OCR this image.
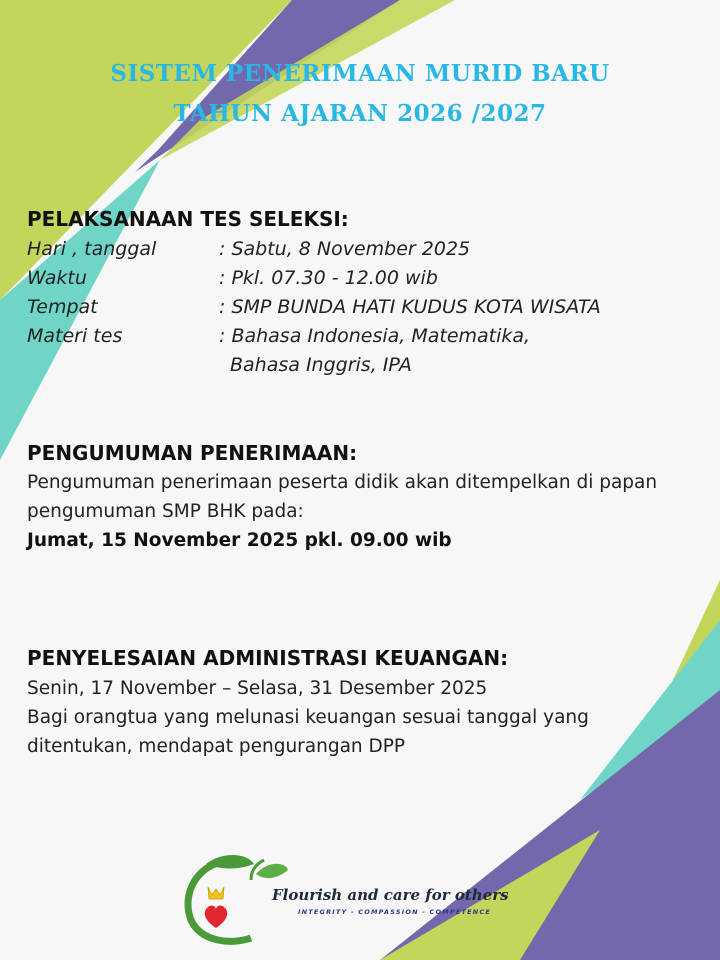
SISTEM PENERIMAAN MURID BARU
TAHUN AJARAN 2026 /2027
PELAKSANAAN TES SELEKSI:
Hari , tanggal	: Sabtu, 8 November 2025
Waktu	: Pkl. 07.30 - 12.00 wib
Tempat	: SMP BUNDA HATI KUDUS KOTA WISATA
Materi tes	: Bahasa Indonesia, Matematika,
Bahasa Inggris, IPA
PENGUMUMAN PENERIMAAN:
Pengumuman penerimaan peserta didik akan ditempelkan di papan
pengumuman SMP BHK pada:
Jumat, 15 November 2025 pkl. 09.00 wib
PENYELESAIAN ADMINISTRASI KEUANGAN:
Senin, 17 November – Selasa, 31 Desember 2025
Bagi orangtua yang melunasi keuangan sesuai tanggal yang
ditentukan, mendapat pengurangan DPP
Flourish and care for others
INTEGRITY - COMPASSION - COMPETENCE
